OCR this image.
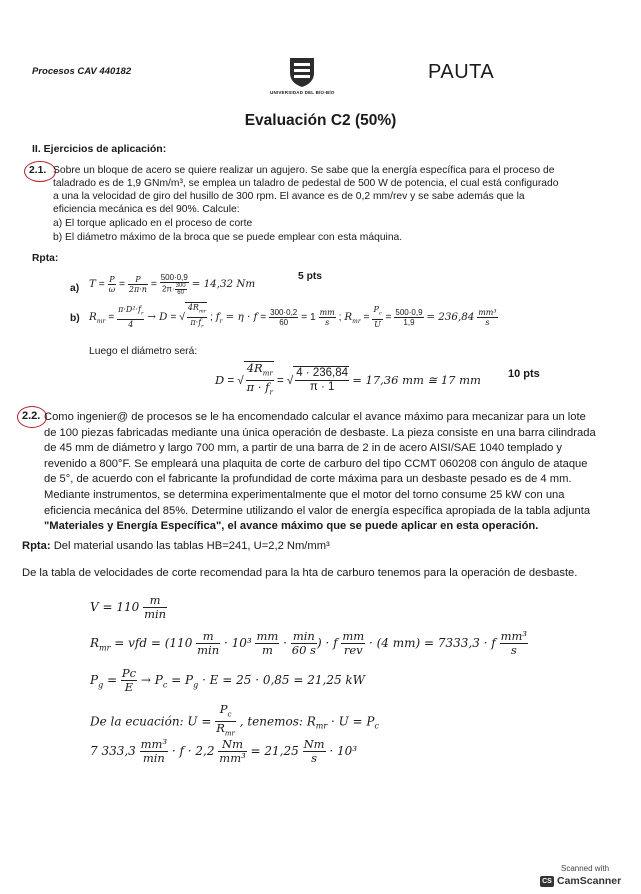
Procesos CAV 440182
UNIVERSIDAD DEL BÍO-BÍO
PAUTA
Evaluación C2 (50%)
II. Ejercicios de aplicación:
2.1. Sobre un bloque de acero se quiere realizar un agujero. Se sabe que la energía específica para el proceso de
taladrado es de 1,9 GNm/m³, se emplea un taladro de pedestal de 500 W de potencia, el cual está configurado
a una la velocidad de giro del husillo de 300 rpm. El avance es de 0,2 mm/rev y se sabe además que la
eficiencia mecánica es del 90%. Calcule:
a) El torque aplicado en el proceso de corte
b) El diámetro máximo de la broca que se puede emplear con esta máquina.
Rpta:
a) $T = \frac{P}{\omega} = \frac{P}{2\pi\cdot n} = \frac{500\cdot 0,9}{2\pi\cdot \frac{300}{60}} = 14,32$ Nm
5 pts
b) $R_{mr} = \frac{\pi\cdot D^2\cdot f_r}{4} \to D$ = √ $\frac{4R_{mr}}{\pi\cdot f_r}$ ; $f_r = \eta \cdot f = \frac{300\cdot 0,2}{60} = 1 \frac{mm}{s}$ ; $R_{mr} = \frac{P_c}{U} = \frac{500\cdot 0,9}{1,9} = 236,84 \frac{\text{mm³}}{s}$
Luego el diámetro será:
D = √ $\frac{4R_{mr}}{\pi \cdot f_r}$ = √ $\frac{4 \cdot 236,84}{\pi \cdot 1} = 17,36$ mm ≅ 17 mm 10 pts
2.2. Como ingenier@ de procesos se le ha encomendado calcular el avance máximo para mecanizar para un lote
de 100 piezas fabricadas mediante una única operación de desbaste. La pieza consiste en una barra cilindrada
de 45 mm de diámetro y largo 700 mm, a partir de una barra de 2 in de acero AISI/SAE 1040 templado y
revenido a 800°F. Se empleará una plaquita de corte de carburo del tipo CCMT 060208 con ángulo de ataque
de 5°, de acuerdo con el fabricante la profundidad de corte máxima para un desbaste pesado es de 4 mm.
Mediante instrumentos, se determina experimentalmente que el motor del torno consume 25 kW con una
eficiencia mecánica del 85%. Determine utilizando el valor de energía específica apropiada de la tabla adjunta
"Materiales y Energía Específica", el avance máximo que se puede aplicar en esta operación.
Rpta: Del material usando las tablas HB=241, U=2,2 Nm/mm³
De la tabla de velocidades de corte recomendad para la hta de carburo tenemos para la operación de desbaste.
$V = 110 \frac{m}{\min}$
$R_{mr}$ = vfd = ($110 \frac{m}{\min} \cdot 10^3 \frac{mm}{m} \cdot \frac{\min}{60 s}$ ) · f $\frac{mm}{\text{rev}} \cdot (4$ mm) = 7333,3 · f $\frac{\text{mm³}}{s}$
$P_g = \frac{Pc}{E} \to P_c = P_g \cdot E = 25 \cdot 0,85 = 21,25$ kW
De la ecuación: $U = \frac{P_c}{R_{mr}}$ , tenemos: $R_{mr} \cdot U = P_c$
7 $333,3 \frac{\text{mm³}}{\min} \cdot f \cdot 2,2 \frac{Nm}{\text{mm³}} = 21,25 \frac{Nm}{s} \cdot 10^3$
Scanned with
CS CamScanner
